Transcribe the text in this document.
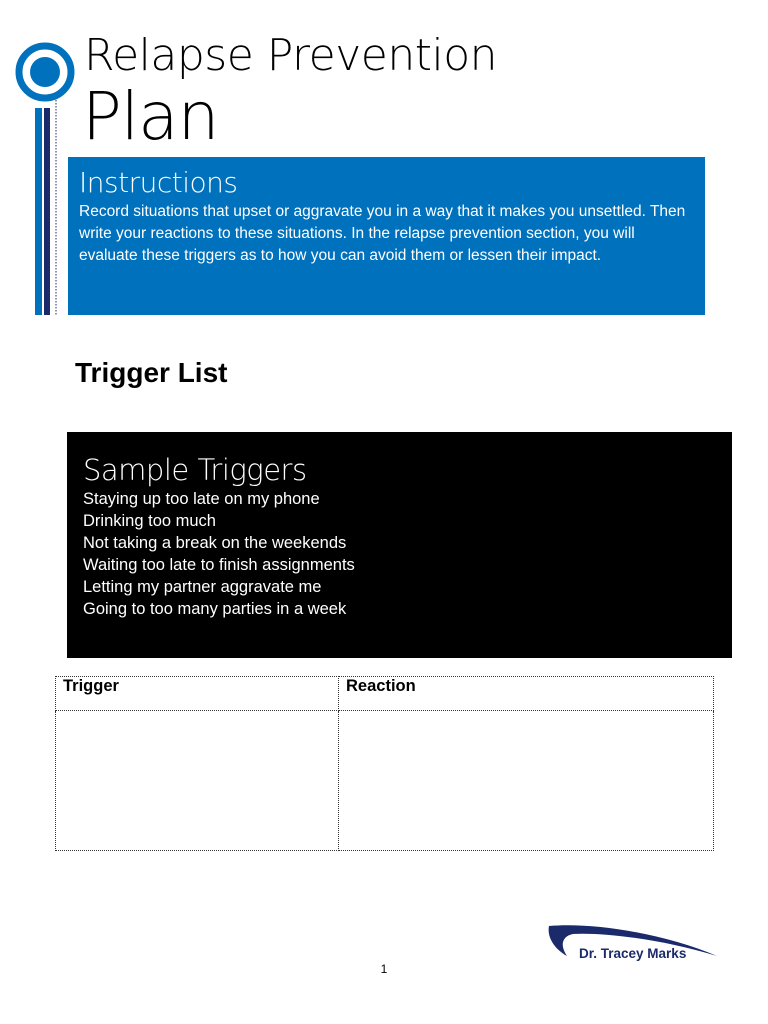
Relapse Prevention
Plan
Instructions
Record situations that upset or aggravate you in a way that it makes you unsettled. Then write your reactions to these situations. In the relapse prevention section, you will evaluate these triggers as to how you can avoid them or lessen their impact.
Trigger List
Sample Triggers
Staying up too late on my phone
Drinking too much
Not taking a break on the weekends
Waiting too late to finish assignments
Letting my partner aggravate me
Going to too many parties in a week
Trigger	Reaction

Dr. Tracey Marks
1
